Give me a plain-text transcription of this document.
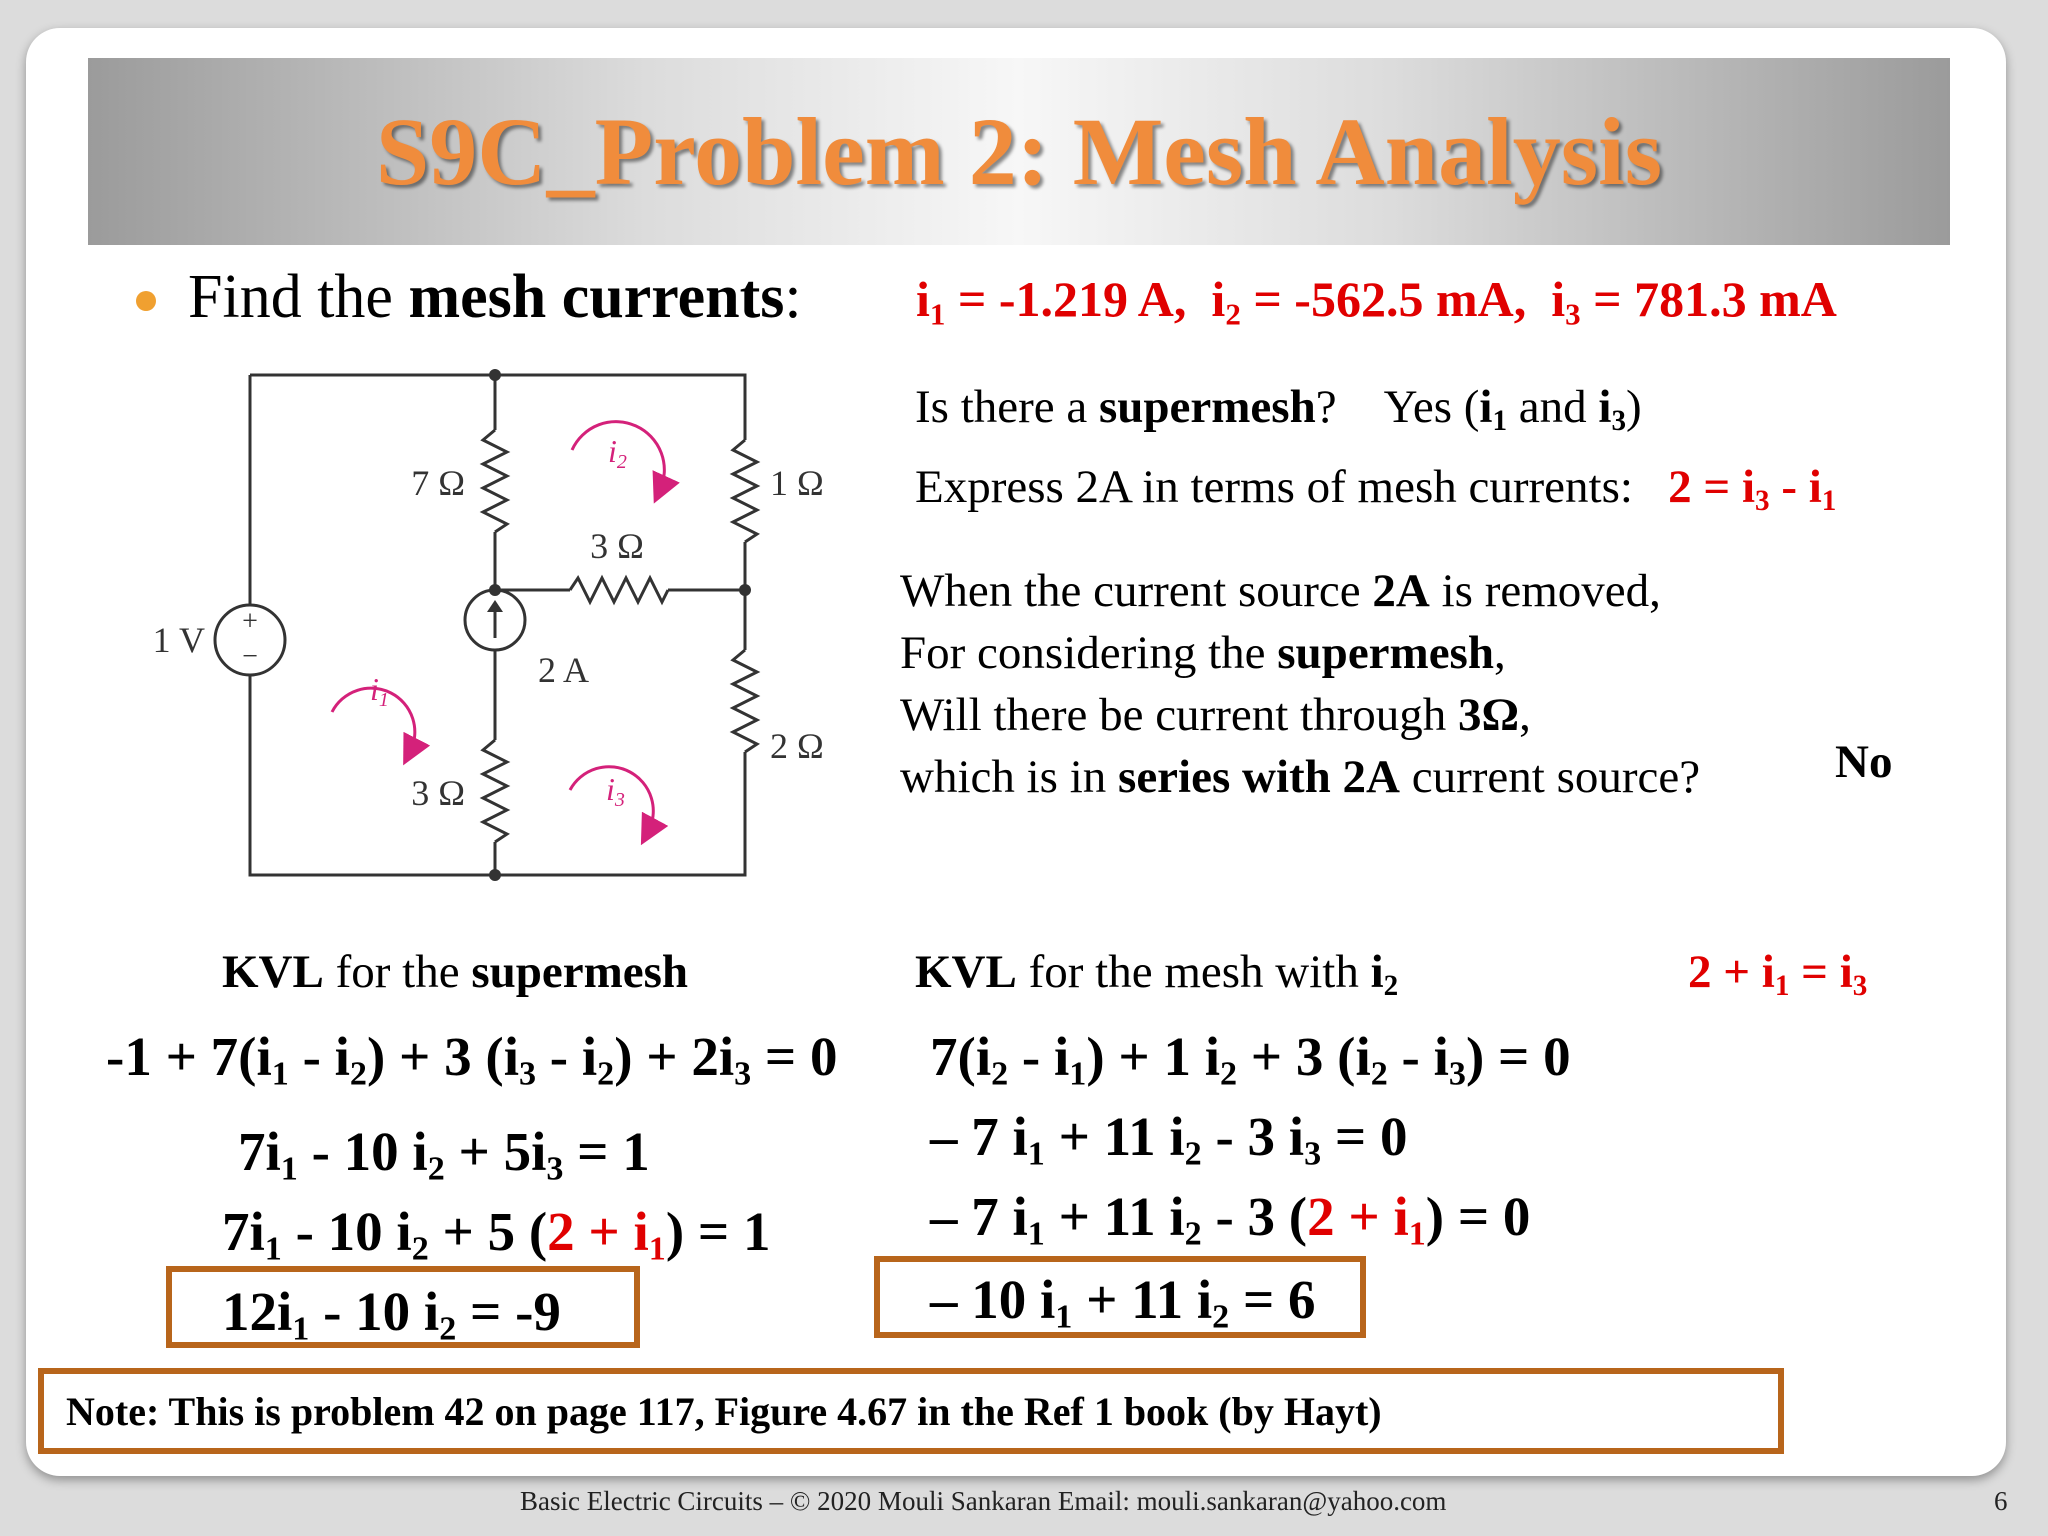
S9C_Problem 2: Mesh Analysis
Find the mesh currents: $i_1 = -1.219$ A, $i_2 = -562.5$ mA, $i_3 = 781.3$ mA
+
−
7 Ω	1 Ω
3 Ω
3 Ω
2 Ω
1 V
2 A
i2
i1
i3
Is there a supermesh? Yes ($i_1$ and $i_3$)
Express 2A in terms of mesh currents: $2 = i_3 - i_1$
When the current source 2A is removed,
For considering the supermesh,
Will there be current through 3Ω,
which is in series with 2A current source?	No
KVL for the supermesh
$-1 + 7(i_1 - i_2) + 3$ $(i_3 - i_2) + 2i_3 = 0$
$7i_1 - 10$ $i_2 + 5i_3 = 1$
$7i_1 - 10$ $i_2 + 5$ $(2 + i_1) = 1$
$12i_1 - 10$ $i_2 = -9$
KVL for the mesh with $i_2$	$2 + i_1 = i_3$
$7(i_2 - i_1) + 1$ $i_2 + 3$ $(i_2 - i_3) = 0$
– 7 $i_1 + 11$ $i_2 - 3$ $i_3 = 0$
– 7 $i_1 + 11$ $i_2 - 3$ $(2 + i_1) = 0$
– 10 $i_1 + 11$ $i_2 = 6$
Note: This is problem 42 on page 117, Figure 4.67 in the Ref 1 book (by Hayt)
Basic Electric Circuits – © 2020 Mouli Sankaran Email: mouli.sankaran@yahoo.com	6
